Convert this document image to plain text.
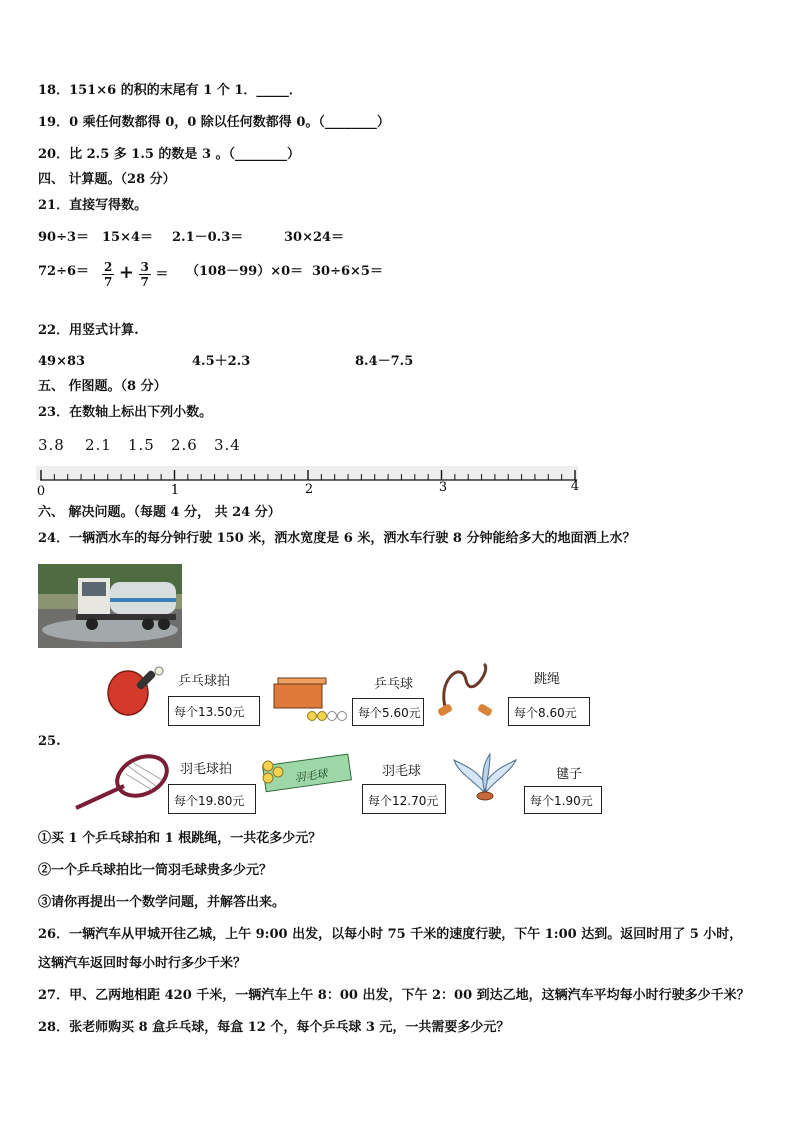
18．151×6 的积的末尾有 1 个 1．_____．
19．0 乘任何数都得 0，0 除以任何数都得 0。（________）
20．比 2.5 多 1.5 的数是 3 。（________）
四、 计算题。（28 分）
21．直接写得数。
90÷3＝ 15×4＝ 2.1－0.3＝	30×24＝
$72\div 6= \frac{2}{7} + \frac{3}{7} = (108-99)\times 0= 30\div 6\times 5=$
22．用竖式计算.
49×83	4.5＋2.3	8.4－7.5
五、 作图题。（8 分）
23．在数轴上标出下列小数。
3.8 2.1 1.5 2.6 3.4
0	1	2	3	4
六、 解决问题。（每题 4 分， 共 24 分）
24．一辆洒水车的每分钟行驶 150 米，洒水宽度是 6 米，洒水车行驶 8 分钟能给多大的地面洒上水？
乒乓球拍
每个13.50元
乒乓球
每个5.60元
跳绳
每个8.60元
25.
羽毛球拍
每个19.80元
羽毛球	羽毛球
每个12.70元
毽子
每个1.90元
①买 1 个乒乓球拍和 1 根跳绳，一共花多少元？
②一个乒乓球拍比一筒羽毛球贵多少元？
③请你再提出一个数学问题，并解答出来。
26．一辆汽车从甲城开往乙城，上午 9:00 出发，以每小时 75 千米的速度行驶，下午 1:00 达到。返回时用了 5 小时，
这辆汽车返回时每小时行多少千米？
27．甲、乙两地相距 420 千米，一辆汽车上午 8：00 出发，下午 2：00 到达乙地，这辆汽车平均每小时行驶多少千米？
28．张老师购买 8 盒乒乓球，每盒 12 个，每个乒乓球 3 元，一共需要多少元？
